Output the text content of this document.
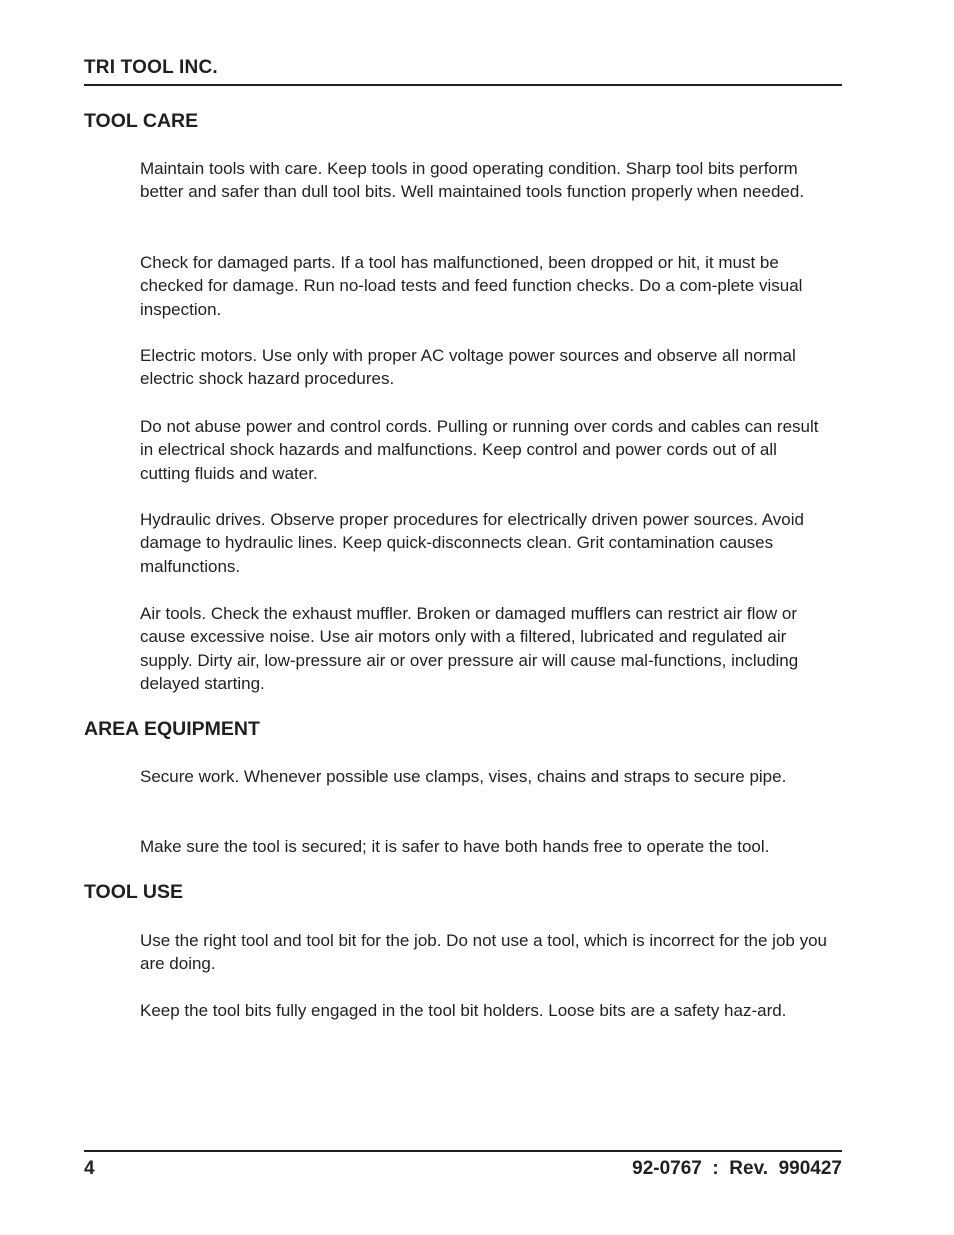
TRI TOOL INC.
TOOL CARE

Maintain tools with care. Keep tools in good operating condition. Sharp tool bits perform better and safer than dull tool bits. Well maintained tools function properly when needed.

Check for damaged parts. If a tool has malfunctioned, been dropped or hit, it must be checked for damage. Run no-load tests and feed function checks. Do a com-plete visual inspection.

Electric motors. Use only with proper AC voltage power sources and observe all normal electric shock hazard procedures.

Do not abuse power and control cords. Pulling or running over cords and cables can result in electrical shock hazards and malfunctions. Keep control and power cords out of all cutting fluids and water.

Hydraulic drives. Observe proper procedures for electrically driven power sources. Avoid damage to hydraulic lines. Keep quick-disconnects clean. Grit contamination causes malfunctions.

Air tools. Check the exhaust muffler. Broken or damaged mufflers can restrict air flow or cause excessive noise. Use air motors only with a filtered, lubricated and regulated air supply. Dirty air, low-pressure air or over pressure air will cause mal-functions, including delayed starting.

AREA EQUIPMENT

Secure work. Whenever possible use clamps, vises, chains and straps to secure pipe.

Make sure the tool is secured; it is safer to have both hands free to operate the tool.

TOOL USE

Use the right tool and tool bit for the job. Do not use a tool, which is incorrect for the job you are doing.

Keep the tool bits fully engaged in the tool bit holders. Loose bits are a safety haz-ard.

4	92-0767  :  Rev.  990427
